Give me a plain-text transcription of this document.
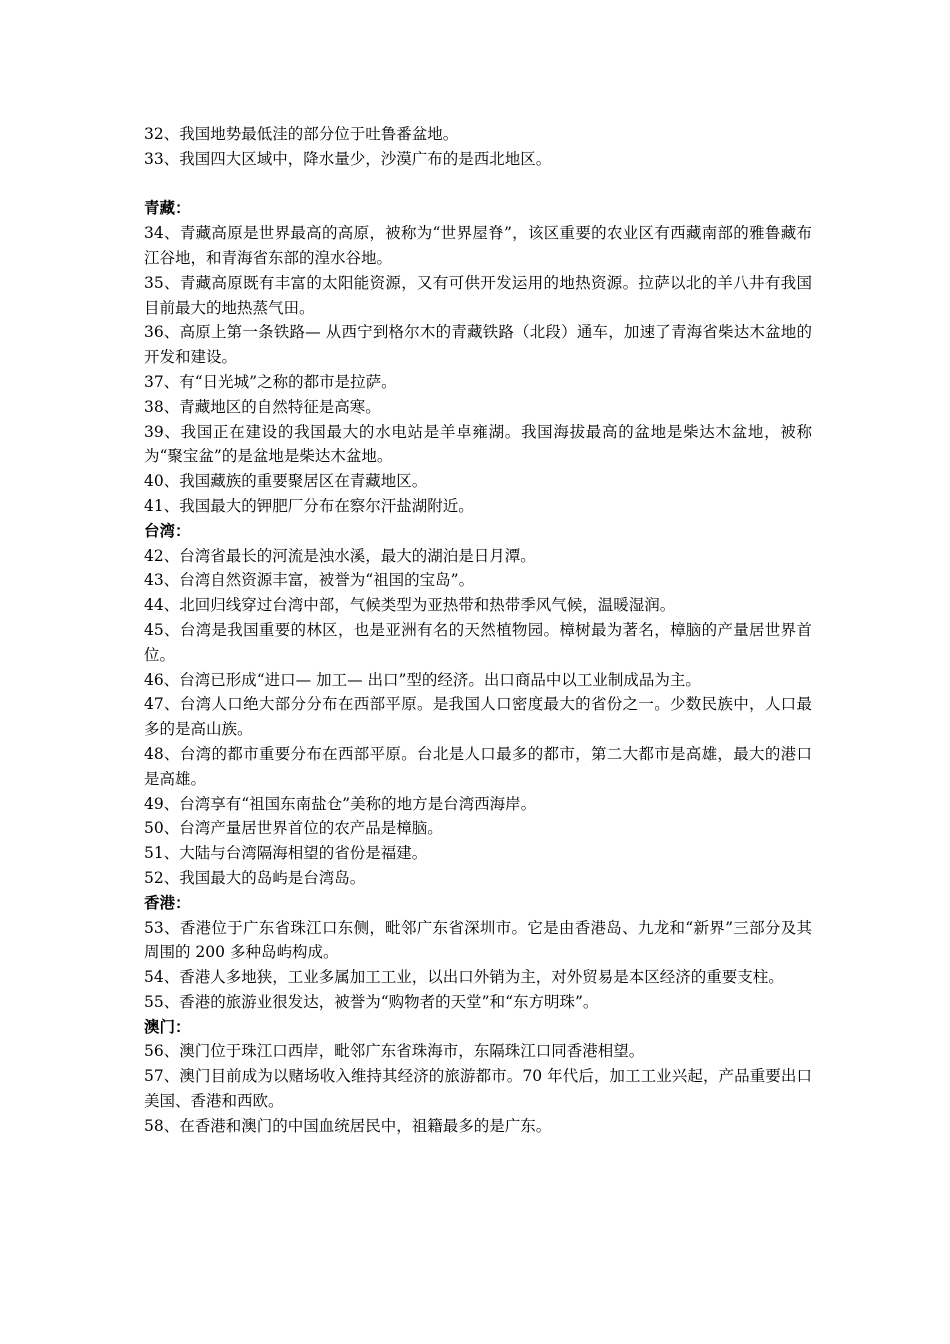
32、我国地势最低洼的部分位于吐鲁番盆地。

33、我国四大区域中，降水量少，沙漠广布的是西北地区。

青藏：

34、青藏高原是世界最高的高原，被称为“世界屋脊”，该区重要的农业区有西藏南部的雅鲁藏布江谷地，和青海省东部的湟水谷地。

35、青藏高原既有丰富的太阳能资源，又有可供开发运用的地热资源。拉萨以北的羊八井有我国目前最大的地热蒸气田。

36、高原上第一条铁路— 从西宁到格尔木的青藏铁路（北段）通车，加速了青海省柴达木盆地的开发和建设。

37、有“日光城”之称的都市是拉萨。

38、青藏地区的自然特征是高寒。

39、我国正在建设的我国最大的水电站是羊卓雍湖。我国海拔最高的盆地是柴达木盆地，被称为“聚宝盆”的是盆地是柴达木盆地。

40、我国藏族的重要聚居区在青藏地区。

41、我国最大的钾肥厂分布在察尔汗盐湖附近。

台湾：

42、台湾省最长的河流是浊水溪，最大的湖泊是日月潭。

43、台湾自然资源丰富，被誉为“祖国的宝岛”。

44、北回归线穿过台湾中部，气候类型为亚热带和热带季风气候，温暖湿润。

45、台湾是我国重要的林区，也是亚洲有名的天然植物园。樟树最为著名，樟脑的产量居世界首位。

46、台湾已形成“进口— 加工— 出口”型的经济。出口商品中以工业制成品为主。

47、台湾人口绝大部分分布在西部平原。是我国人口密度最大的省份之一。少数民族中，人口最多的是高山族。

48、台湾的都市重要分布在西部平原。台北是人口最多的都市，第二大都市是高雄，最大的港口是高雄。

49、台湾享有“祖国东南盐仓”美称的地方是台湾西海岸。

50、台湾产量居世界首位的农产品是樟脑。

51、大陆与台湾隔海相望的省份是福建。

52、我国最大的岛屿是台湾岛。

香港：

53、香港位于广东省珠江口东侧，毗邻广东省深圳市。它是由香港岛、九龙和“新界”三部分及其周围的 200 多种岛屿构成。

54、香港人多地狭，工业多属加工工业，以出口外销为主，对外贸易是本区经济的重要支柱。

55、香港的旅游业很发达，被誉为“购物者的天堂”和“东方明珠”。

澳门：

56、澳门位于珠江口西岸，毗邻广东省珠海市，东隔珠江口同香港相望。

57、澳门目前成为以赌场收入维持其经济的旅游都市。70 年代后，加工工业兴起，产品重要出口美国、香港和西欧。

58、在香港和澳门的中国血统居民中，祖籍最多的是广东。
